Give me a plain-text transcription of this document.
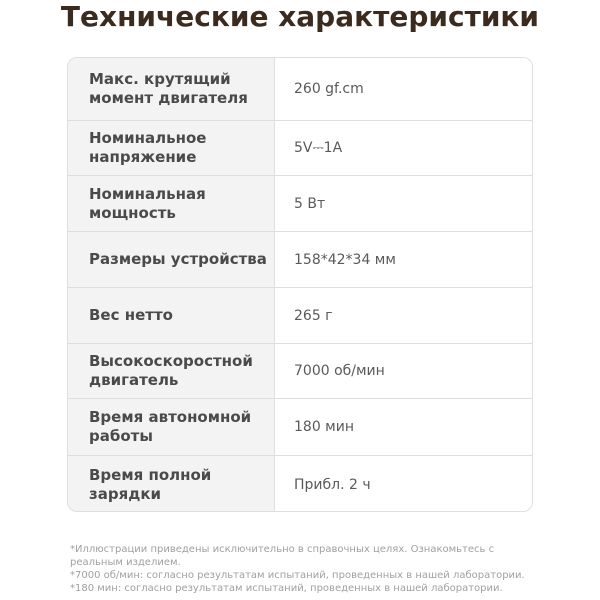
Технические характеристики
Макс. крутящий момент двигателя	260 gf.cm
Номинальное напряжение	5V⎓1A
Номинальная мощность	5 Вт
Размеры устройства 158*42*34 мм
Вес нетто	265 г
Высокоскоростной двигатель	7000 об/мин
Время автономной работы	180 мин
Время полной зарядки	Прибл. 2 ч

*Иллюстрации приведены исключительно в справочных целях. Ознакомьтесь с реальным изделием.

*7000 об/мин: согласно результатам испытаний, проведенных в нашей лаборатории.

*180 мин: согласно результатам испытаний, проведенных в нашей лаборатории.
